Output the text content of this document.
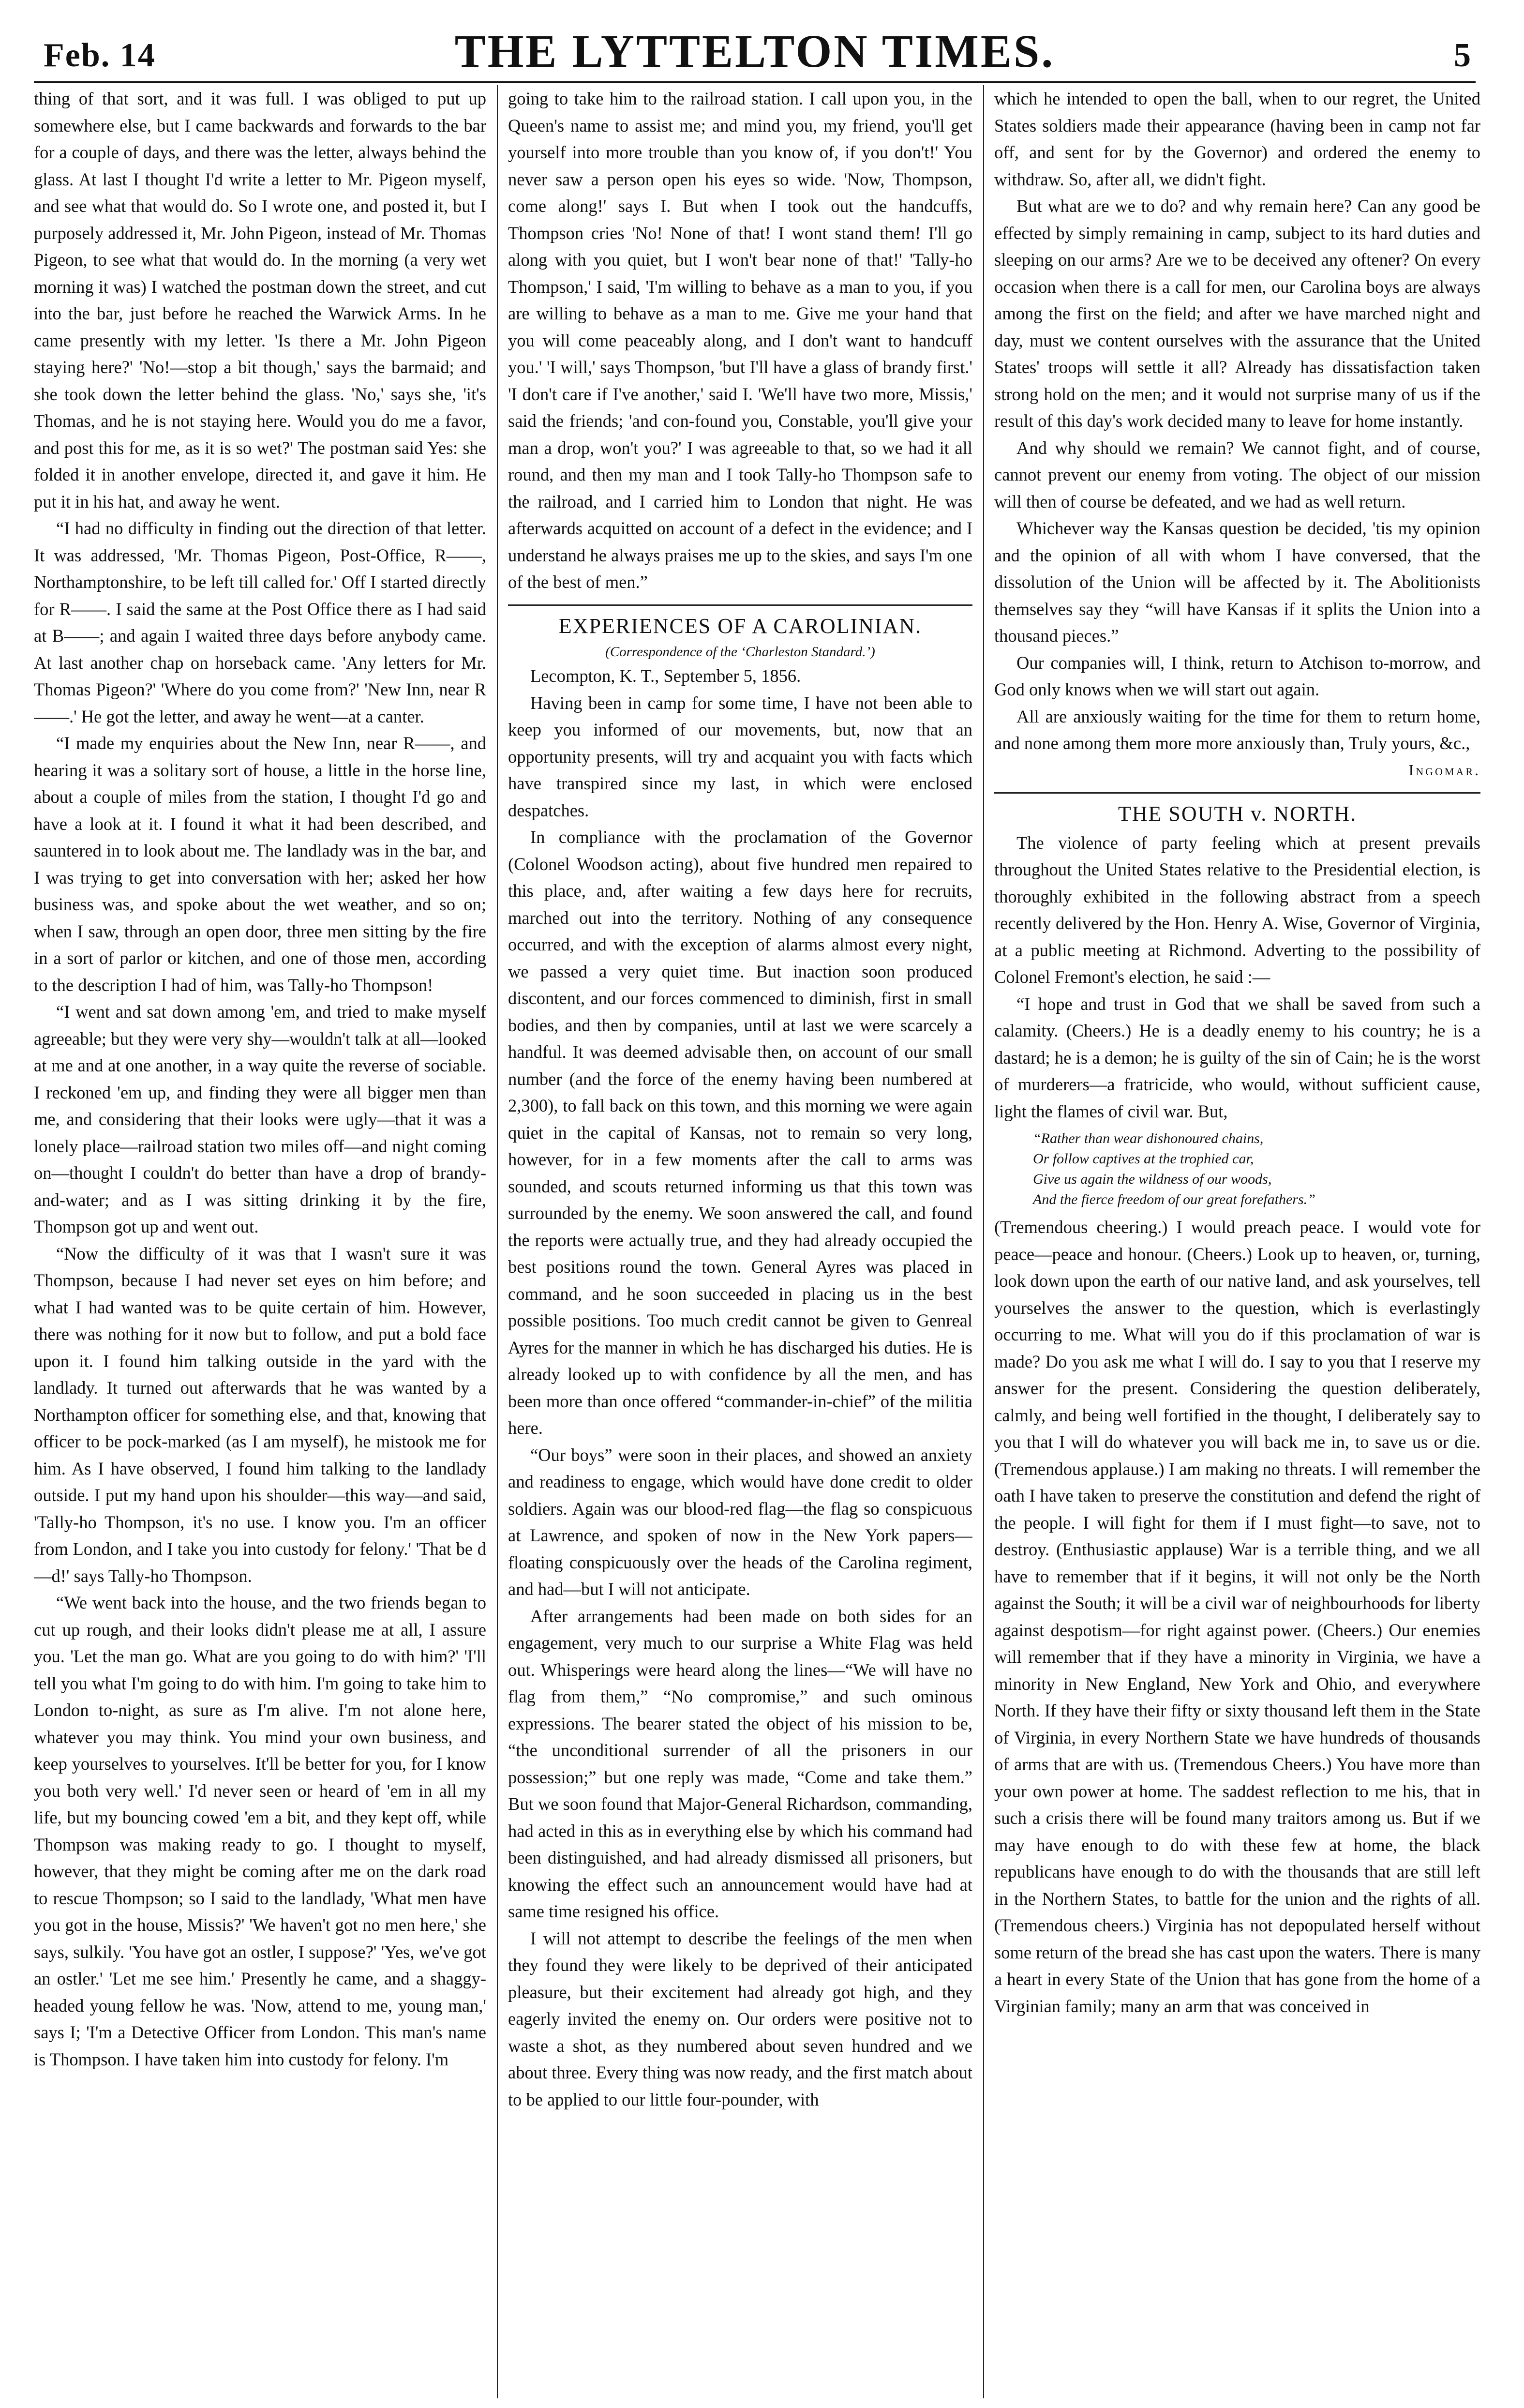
Feb. 14	THE LYTTELTON TIMES.	5

thing of that sort, and it was full. I was obliged to put up somewhere else, but I came backwards and forwards to the bar for a couple of days, and there was the letter, always behind the glass. At last I thought I'd write a letter to Mr. Pigeon myself, and see what that would do. So I wrote one, and posted it, but I purposely addressed it, Mr. John Pigeon, instead of Mr. Thomas Pigeon, to see what that would do. In the morning (a very wet morning it was) I watched the postman down the street, and cut into the bar, just before he reached the Warwick Arms. In he came presently with my letter. 'Is there a Mr. John Pigeon staying here?' 'No!—stop a bit though,' says the barmaid; and she took down the letter behind the glass. 'No,' says she, 'it's Thomas, and he is not staying here. Would you do me a favor, and post this for me, as it is so wet?' The postman said Yes: she folded it in another envelope, directed it, and gave it him. He put it in his hat, and away he went.

“I had no difficulty in finding out the direction of that letter. It was addressed, 'Mr. Thomas Pigeon, Post-Office, R——, Northamptonshire, to be left till called for.' Off I started directly for R——. I said the same at the Post Office there as I had said at B——; and again I waited three days before anybody came. At last another chap on horseback came. 'Any letters for Mr. Thomas Pigeon?' 'Where do you come from?' 'New Inn, near R——.' He got the letter, and away he went—at a canter.

“I made my enquiries about the New Inn, near R——, and hearing it was a solitary sort of house, a little in the horse line, about a couple of miles from the station, I thought I'd go and have a look at it. I found it what it had been described, and sauntered in to look about me. The landlady was in the bar, and I was trying to get into conversation with her; asked her how business was, and spoke about the wet weather, and so on; when I saw, through an open door, three men sitting by the fire in a sort of parlor or kitchen, and one of those men, according to the description I had of him, was Tally-ho Thompson!

“I went and sat down among 'em, and tried to make myself agreeable; but they were very shy—wouldn't talk at all—looked at me and at one another, in a way quite the reverse of sociable. I reckoned 'em up, and finding they were all bigger men than me, and considering that their looks were ugly—that it was a lonely place—railroad station two miles off—and night coming on—thought I couldn't do better than have a drop of brandy-and-water; and as I was sitting drinking it by the fire, Thompson got up and went out.

“Now the difficulty of it was that I wasn't sure it was Thompson, because I had never set eyes on him before; and what I had wanted was to be quite certain of him. However, there was nothing for it now but to follow, and put a bold face upon it. I found him talking outside in the yard with the landlady. It turned out afterwards that he was wanted by a Northampton officer for something else, and that, knowing that officer to be pock-marked (as I am myself), he mistook me for him. As I have observed, I found him talking to the landlady outside. I put my hand upon his shoulder—this way—and said, 'Tally-ho Thompson, it's no use. I know you. I'm an officer from London, and I take you into custody for felony.' 'That be d—d!' says Tally-ho Thompson.

“We went back into the house, and the two friends began to cut up rough, and their looks didn't please me at all, I assure you. 'Let the man go. What are you going to do with him?' 'I'll tell you what I'm going to do with him. I'm going to take him to London to-night, as sure as I'm alive. I'm not alone here, whatever you may think. You mind your own business, and keep yourselves to yourselves. It'll be better for you, for I know you both very well.' I'd never seen or heard of 'em in all my life, but my bouncing cowed 'em a bit, and they kept off, while Thompson was making ready to go. I thought to myself, however, that they might be coming after me on the dark road to rescue Thompson; so I said to the landlady, 'What men have you got in the house, Missis?' 'We haven't got no men here,' she says, sulkily. 'You have got an ostler, I suppose?' 'Yes, we've got an ostler.' 'Let me see him.' Presently he came, and a shaggy-headed young fellow he was. 'Now, attend to me, young man,' says I; 'I'm a Detective Officer from London. This man's name is Thompson. I have taken him into custody for felony. I'm

going to take him to the railroad station. I call upon you, in the Queen's name to assist me; and mind you, my friend, you'll get yourself into more trouble than you know of, if you don't!' You never saw a person open his eyes so wide. 'Now, Thompson, come along!' says I. But when I took out the handcuffs, Thompson cries 'No! None of that! I wont stand them! I'll go along with you quiet, but I won't bear none of that!' 'Tally-ho Thompson,' I said, 'I'm willing to behave as a man to you, if you are willing to behave as a man to me. Give me your hand that you will come peaceably along, and I don't want to handcuff you.' 'I will,' says Thompson, 'but I'll have a glass of brandy first.' 'I don't care if I've another,' said I. 'We'll have two more, Missis,' said the friends; 'and con-found you, Constable, you'll give your man a drop, won't you?' I was agreeable to that, so we had it all round, and then my man and I took Tally-ho Thompson safe to the railroad, and I carried him to London that night. He was afterwards acquitted on account of a defect in the evidence; and I understand he always praises me up to the skies, and says I'm one of the best of men.”

EXPERIENCES OF A CAROLINIAN.
(Correspondence of the ‘Charleston Standard.’)

Lecompton, K. T., September 5, 1856.

Having been in camp for some time, I have not been able to keep you informed of our movements, but, now that an opportunity presents, will try and acquaint you with facts which have transpired since my last, in which were enclosed despatches.

In compliance with the proclamation of the Governor (Colonel Woodson acting), about five hundred men repaired to this place, and, after waiting a few days here for recruits, marched out into the territory. Nothing of any consequence occurred, and with the exception of alarms almost every night, we passed a very quiet time. But inaction soon produced discontent, and our forces commenced to diminish, first in small bodies, and then by companies, until at last we were scarcely a handful. It was deemed advisable then, on account of our small number (and the force of the enemy having been numbered at 2,300), to fall back on this town, and this morning we were again quiet in the capital of Kansas, not to remain so very long, however, for in a few moments after the call to arms was sounded, and scouts returned informing us that this town was surrounded by the enemy. We soon answered the call, and found the reports were actually true, and they had already occupied the best positions round the town. General Ayres was placed in command, and he soon succeeded in placing us in the best possible positions. Too much credit cannot be given to Genreal Ayres for the manner in which he has discharged his duties. He is already looked up to with confidence by all the men, and has been more than once offered “commander-in-chief” of the militia here.

“Our boys” were soon in their places, and showed an anxiety and readiness to engage, which would have done credit to older soldiers. Again was our blood-red flag—the flag so conspicuous at Lawrence, and spoken of now in the New York papers—floating conspicuously over the heads of the Carolina regiment, and had—but I will not anticipate.

After arrangements had been made on both sides for an engagement, very much to our surprise a White Flag was held out. Whisperings were heard along the lines—“We will have no flag from them,” “No compromise,” and such ominous expressions. The bearer stated the object of his mission to be, “the unconditional surrender of all the prisoners in our possession;” but one reply was made, “Come and take them.” But we soon found that Major-General Richardson, commanding, had acted in this as in everything else by which his command had been distinguished, and had already dismissed all prisoners, but knowing the effect such an announcement would have had at same time resigned his office.

I will not attempt to describe the feelings of the men when they found they were likely to be deprived of their anticipated pleasure, but their excitement had already got high, and they eagerly invited the enemy on. Our orders were positive not to waste a shot, as they numbered about seven hundred and we about three. Every thing was now ready, and the first match about to be applied to our little four-pounder, with

which he intended to open the ball, when to our regret, the United States soldiers made their appearance (having been in camp not far off, and sent for by the Governor) and ordered the enemy to withdraw. So, after all, we didn't fight.

But what are we to do? and why remain here? Can any good be effected by simply remaining in camp, subject to its hard duties and sleeping on our arms? Are we to be deceived any oftener? On every occasion when there is a call for men, our Carolina boys are always among the first on the field; and after we have marched night and day, must we content ourselves with the assurance that the United States' troops will settle it all? Already has dissatisfaction taken strong hold on the men; and it would not surprise many of us if the result of this day's work decided many to leave for home instantly.

And why should we remain? We cannot fight, and of course, cannot prevent our enemy from voting. The object of our mission will then of course be defeated, and we had as well return.

Whichever way the Kansas question be decided, 'tis my opinion and the opinion of all with whom I have conversed, that the dissolution of the Union will be affected by it. The Abolitionists themselves say they “will have Kansas if it splits the Union into a thousand pieces.”

Our companies will, I think, return to Atchison to-morrow, and God only knows when we will start out again.

All are anxiously waiting for the time for them to return home, and none among them more more anxiously than, Truly yours, &c.,

Ingomar.
THE SOUTH v. NORTH.

The violence of party feeling which at present prevails throughout the United States relative to the Presidential election, is thoroughly exhibited in the following abstract from a speech recently delivered by the Hon. Henry A. Wise, Governor of Virginia, at a public meeting at Richmond. Adverting to the possibility of Colonel Fremont's election, he said :—

“I hope and trust in God that we shall be saved from such a calamity. (Cheers.) He is a deadly enemy to his country; he is a dastard; he is a demon; he is guilty of the sin of Cain; he is the worst of murderers—a fratricide, who would, without sufficient cause, light the flames of civil war. But,

“Rather than wear dishonoured chains,
Or follow captives at the trophied car,
Give us again the wildness of our woods,
And the fierce freedom of our great forefathers.”

(Tremendous cheering.) I would preach peace. I would vote for peace—peace and honour. (Cheers.) Look up to heaven, or, turning, look down upon the earth of our native land, and ask yourselves, tell yourselves the answer to the question, which is everlastingly occurring to me. What will you do if this proclamation of war is made? Do you ask me what I will do. I say to you that I reserve my answer for the present. Considering the question deliberately, calmly, and being well fortified in the thought, I deliberately say to you that I will do whatever you will back me in, to save us or die. (Tremendous applause.) I am making no threats. I will remember the oath I have taken to preserve the constitution and defend the right of the people. I will fight for them if I must fight—to save, not to destroy. (Enthusiastic applause) War is a terrible thing, and we all have to remember that if it begins, it will not only be the North against the South; it will be a civil war of neighbourhoods for liberty against despotism—for right against power. (Cheers.) Our enemies will remember that if they have a minority in Virginia, we have a minority in New England, New York and Ohio, and everywhere North. If they have their fifty or sixty thousand left them in the State of Virginia, in every Northern State we have hundreds of thousands of arms that are with us. (Tremendous Cheers.) You have more than your own power at home. The saddest reflection to me his, that in such a crisis there will be found many traitors among us. But if we may have enough to do with these few at home, the black republicans have enough to do with the thousands that are still left in the Northern States, to battle for the union and the rights of all. (Tremendous cheers.) Virginia has not depopulated herself without some return of the bread she has cast upon the waters. There is many a heart in every State of the Union that has gone from the home of a Virginian family; many an arm that was conceived in
